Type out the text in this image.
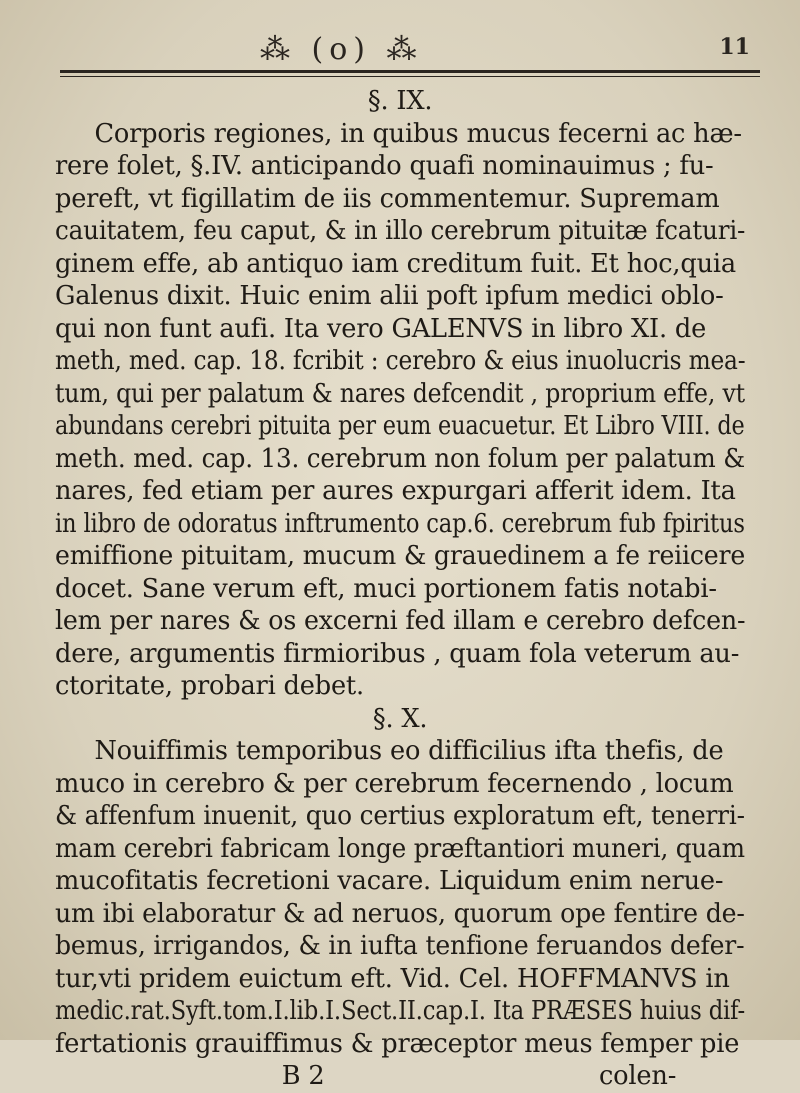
⁂ (o) ⁂	11
§. IX.
Corporis regiones, in quibus mucus fecerni ac hæ-
rere folet, §.IV. anticipando quafi nominauimus ; fu-
pereft, vt figillatim de iis commentemur. Supremam
cauitatem, feu caput, & in illo cerebrum pituitæ fcaturi-
ginem effe, ab antiquo iam creditum fuit. Et hoc,quia
Galenus dixit. Huic enim alii poft ipfum medici oblo-
qui non funt aufi. Ita vero GALENVS in libro XI. de
meth, med. cap. 18. fcribit : cerebro & eius inuolucris mea-
tum, qui per palatum & nares defcendit , proprium effe, vt
abundans cerebri pituita per eum euacuetur. Et Libro VIII. de
meth. med. cap. 13. cerebrum non folum per palatum &
nares, fed etiam per aures expurgari afferit idem. Ita
in libro de odoratus inftrumento cap.6. cerebrum fub fpiritus
emiffione pituitam, mucum & grauedinem a fe reiicere
docet. Sane verum eft, muci portionem fatis notabi-
lem per nares & os excerni fed illam e cerebro defcen-
dere, argumentis firmioribus , quam fola veterum au-
ctoritate, probari debet.
§. X.
Nouiffimis temporibus eo difficilius ifta thefis, de
muco in cerebro & per cerebrum fecernendo , locum
& affenfum inuenit, quo certius exploratum eft, tenerri-
mam cerebri fabricam longe præftantiori muneri, quam
mucofitatis fecretioni vacare. Liquidum enim nerue-
um ibi elaboratur & ad neruos, quorum ope fentire de-
bemus, irrigandos, & in iufta tenfione feruandos defer-
tur,vti pridem euictum eft. Vid. Cel. HOFFMANVS in
medic.rat.Syft.tom.I.lib.I.Sect.II.cap.I. Ita PRÆSES huius dif-
fertationis grauiffimus & præceptor meus femper pie
B 2	colen-
